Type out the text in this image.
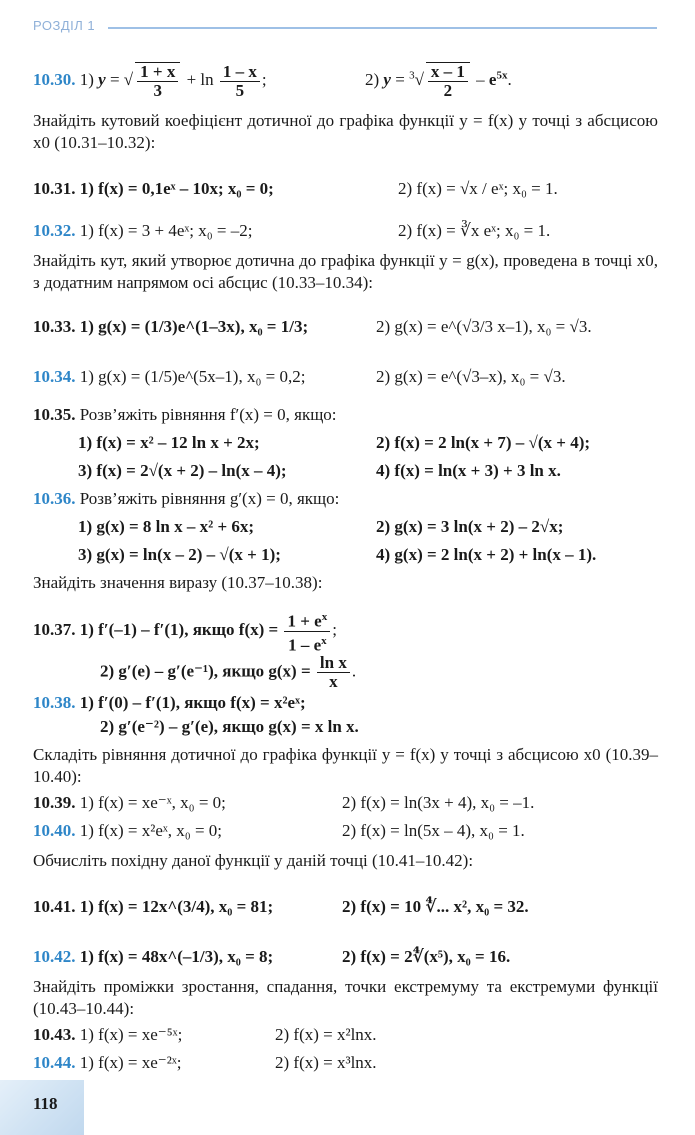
РОЗДІЛ 1
10.30. 1) y = √ $\frac{1 + x}{3} + \ln \frac{1 - x}{5}$ ;	2) $y = ^3√ \frac{x - 1}{2} - e^{5x}$.
Знайдіть кутовий коефіцієнт дотичної до графіка функції y = f(x) у точці з абсцисою x0 (10.31–10.32):
10.31. 1) f(x) = 0,1eˣ – 10x; x₀ = 0;	2) f(x) = √x / eˣ; x₀ = 1.
10.32. 1) f(x) = 3 + 4eˣ; x₀ = –2;	2) f(x) = ∛x eˣ; x₀ = 1.
Знайдіть кут, який утворює дотична до графіка функції y = g(x), проведена в точці x0, з додатним напрямом осі абсцис (10.33–10.34):
10.33. 1) g(x) = (1/3)e^(1–3x), x₀ = 1/3;	2) g(x) = e^(√3/3 x–1), x₀ = √3.
10.34. 1) g(x) = (1/5)e^(5x–1), x₀ = 0,2;	2) g(x) = e^(√3–x), x₀ = √3.
10.35. Розв’яжіть рівняння f′(x) = 0, якщо:
1) f(x) = x² – 12 ln x + 2x;	2) f(x) = 2 ln(x + 7) – √(x + 4);
3) f(x) = 2√(x + 2) – ln(x – 4);	4) f(x) = ln(x + 3) + 3 ln x.
10.36. Розв’яжіть рівняння g′(x) = 0, якщо:
1) g(x) = 8 ln x – x² + 6x;	2) g(x) = 3 ln(x + 2) – 2√x;
3) g(x) = ln(x – 2) – √(x + 1);	4) g(x) = 2 ln(x + 2) + ln(x – 1).
Знайдіть значення виразу (10.37–10.38):
10.37. 1) f′(–1) – f′(1), якщо $f(x) = \frac{1 + e^x}{1 - e^x}$ ;
2) g′(e) – g′(e⁻¹), якщо $g(x) = \frac{\text{ln x}}{x}$ .
10.38. 1) f′(0) – f′(1), якщо f(x) = x²eˣ;
2) g′(e⁻²) – g′(e), якщо g(x) = x ln x.
Складіть рівняння дотичної до графіка функції y = f(x) у точці з абсцисою x0 (10.39–10.40):
10.39. 1) f(x) = xe⁻ˣ, x₀ = 0;	2) f(x) = ln(3x + 4), x₀ = –1.
10.40. 1) f(x) = x²eˣ, x₀ = 0;	2) f(x) = ln(5x – 4), x₀ = 1.
Обчисліть похідну даної функції у даній точці (10.41–10.42):
10.41. 1) f(x) = 12x^(3/4), x₀ = 81;	2) f(x) = 10 ∜... x², x₀ = 32.
10.42. 1) f(x) = 48x^(–1/3), x₀ = 8;	2) f(x) = 2∜(x⁵), x₀ = 16.
Знайдіть проміжки зростання, спадання, точки екстремуму та екстремуми функції (10.43–10.44):
10.43. 1) f(x) = xe⁻⁵ˣ;	2) f(x) = x²lnx.
10.44. 1) f(x) = xe⁻²ˣ;	2) f(x) = x³lnx.
118
